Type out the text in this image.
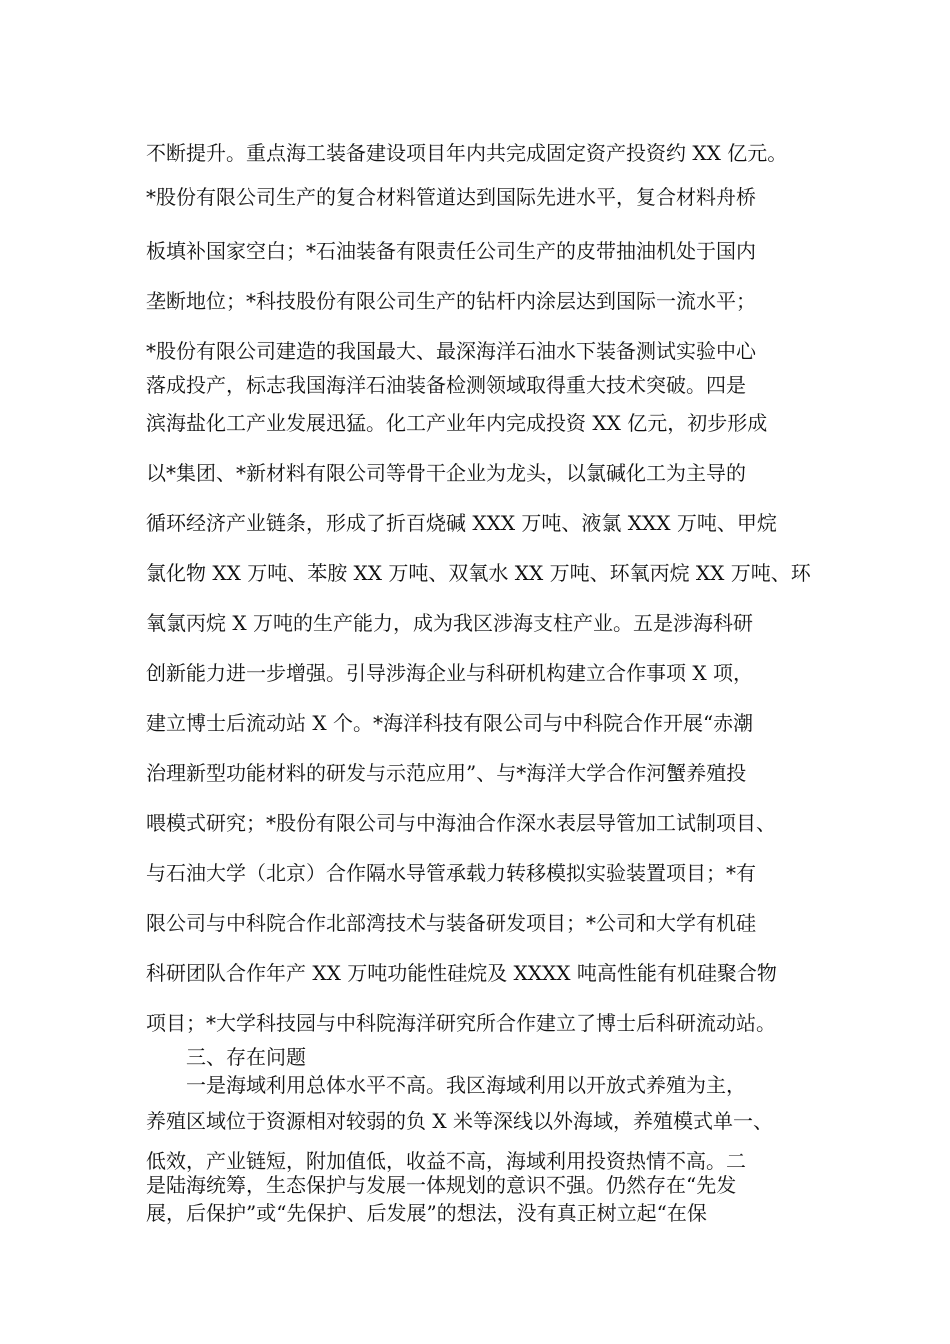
不断提升。重点海工装备建设项目年内共完成固定资产投资约 XX 亿元。
*股份有限公司生产的复合材料管道达到国际先进水平，复合材料舟桥
板填补国家空白；*石油装备有限责任公司生产的皮带抽油机处于国内
垄断地位；*科技股份有限公司生产的钻杆内涂层达到国际一流水平；
*股份有限公司建造的我国最大、最深海洋石油水下装备测试实验中心
落成投产，标志我国海洋石油装备检测领域取得重大技术突破。四是
滨海盐化工产业发展迅猛。化工产业年内完成投资 XX 亿元，初步形成
以*集团、*新材料有限公司等骨干企业为龙头，以氯碱化工为主导的
循环经济产业链条，形成了折百烧碱 XXX 万吨、液氯 XXX 万吨、甲烷
氯化物 XX 万吨、苯胺 XX 万吨、双氧水 XX 万吨、环氧丙烷 XX 万吨、环
氧氯丙烷 X 万吨的生产能力，成为我区涉海支柱产业。五是涉海科研
创新能力进一步增强。引导涉海企业与科研机构建立合作事项 X 项，
建立博士后流动站 X 个。*海洋科技有限公司与中科院合作开展“赤潮
治理新型功能材料的研发与示范应用”、与*海洋大学合作河蟹养殖投
喂模式研究；*股份有限公司与中海油合作深水表层导管加工试制项目、
与石油大学（北京）合作隔水导管承载力转移模拟实验装置项目；*有
限公司与中科院合作北部湾技术与装备研发项目；*公司和大学有机硅
科研团队合作年产 XX 万吨功能性硅烷及 XXXX 吨高性能有机硅聚合物
项目；*大学科技园与中科院海洋研究所合作建立了博士后科研流动站。
三、存在问题
一是海域利用总体水平不高。我区海域利用以开放式养殖为主，
养殖区域位于资源相对较弱的负 X 米等深线以外海域，养殖模式单一、
低效，产业链短，附加值低，收益不高，海域利用投资热情不高。二
是陆海统筹，生态保护与发展一体规划的意识不强。仍然存在“先发
展，后保护”或“先保护、后发展”的想法，没有真正树立起“在保
